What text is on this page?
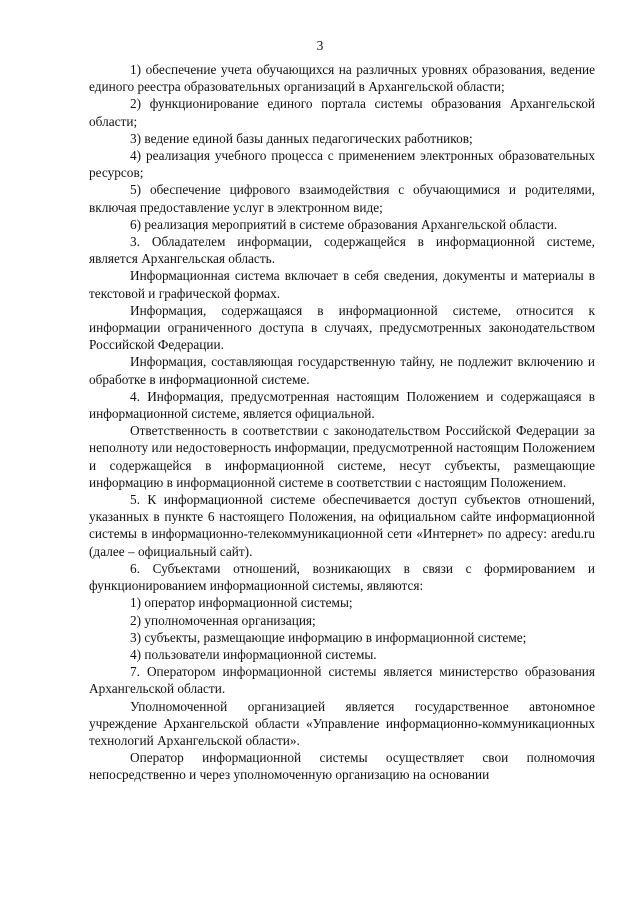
3

1) обеспечение учета обучающихся на различных уровнях образования, ведение единого реестра образовательных организаций в Архангельской области;

2) функционирование единого портала системы образования Архангельской области;

3) ведение единой базы данных педагогических работников;

4) реализация учебного процесса с применением электронных образовательных ресурсов;

5) обеспечение цифрового взаимодействия с обучающимися и родителями, включая предоставление услуг в электронном виде;

6) реализация мероприятий в системе образования Архангельской области.

3. Обладателем информации, содержащейся в информационной системе, является Архангельская область.

Информационная система включает в себя сведения, документы и материалы в текстовой и графической формах.

Информация, содержащаяся в информационной системе, относится к информации ограниченного доступа в случаях, предусмотренных законодательством Российской Федерации.

Информация, составляющая государственную тайну, не подлежит включению и обработке в информационной системе.

4. Информация, предусмотренная настоящим Положением и содержащаяся в информационной системе, является официальной.

Ответственность в соответствии с законодательством Российской Федерации за неполноту или недостоверность информации, предусмотренной настоящим Положением и содержащейся в информационной системе, несут субъекты, размещающие информацию в информационной системе в соответствии с настоящим Положением.

5. К информационной системе обеспечивается доступ субъектов отношений, указанных в пункте 6 настоящего Положения, на официальном сайте информационной системы в информационно-телекоммуникационной сети «Интернет» по адресу: aredu.ru (далее – официальный сайт).

6. Субъектами отношений, возникающих в связи с формированием и функционированием информационной системы, являются:

1) оператор информационной системы;

2) уполномоченная организация;

3) субъекты, размещающие информацию в информационной системе;

4) пользователи информационной системы.

7. Оператором информационной системы является министерство образования Архангельской области.

Уполномоченной организацией является государственное автономное учреждение Архангельской области «Управление информационно-коммуникационных технологий Архангельской области».

Оператор информационной системы осуществляет свои полномочия непосредственно и через уполномоченную организацию на основании
